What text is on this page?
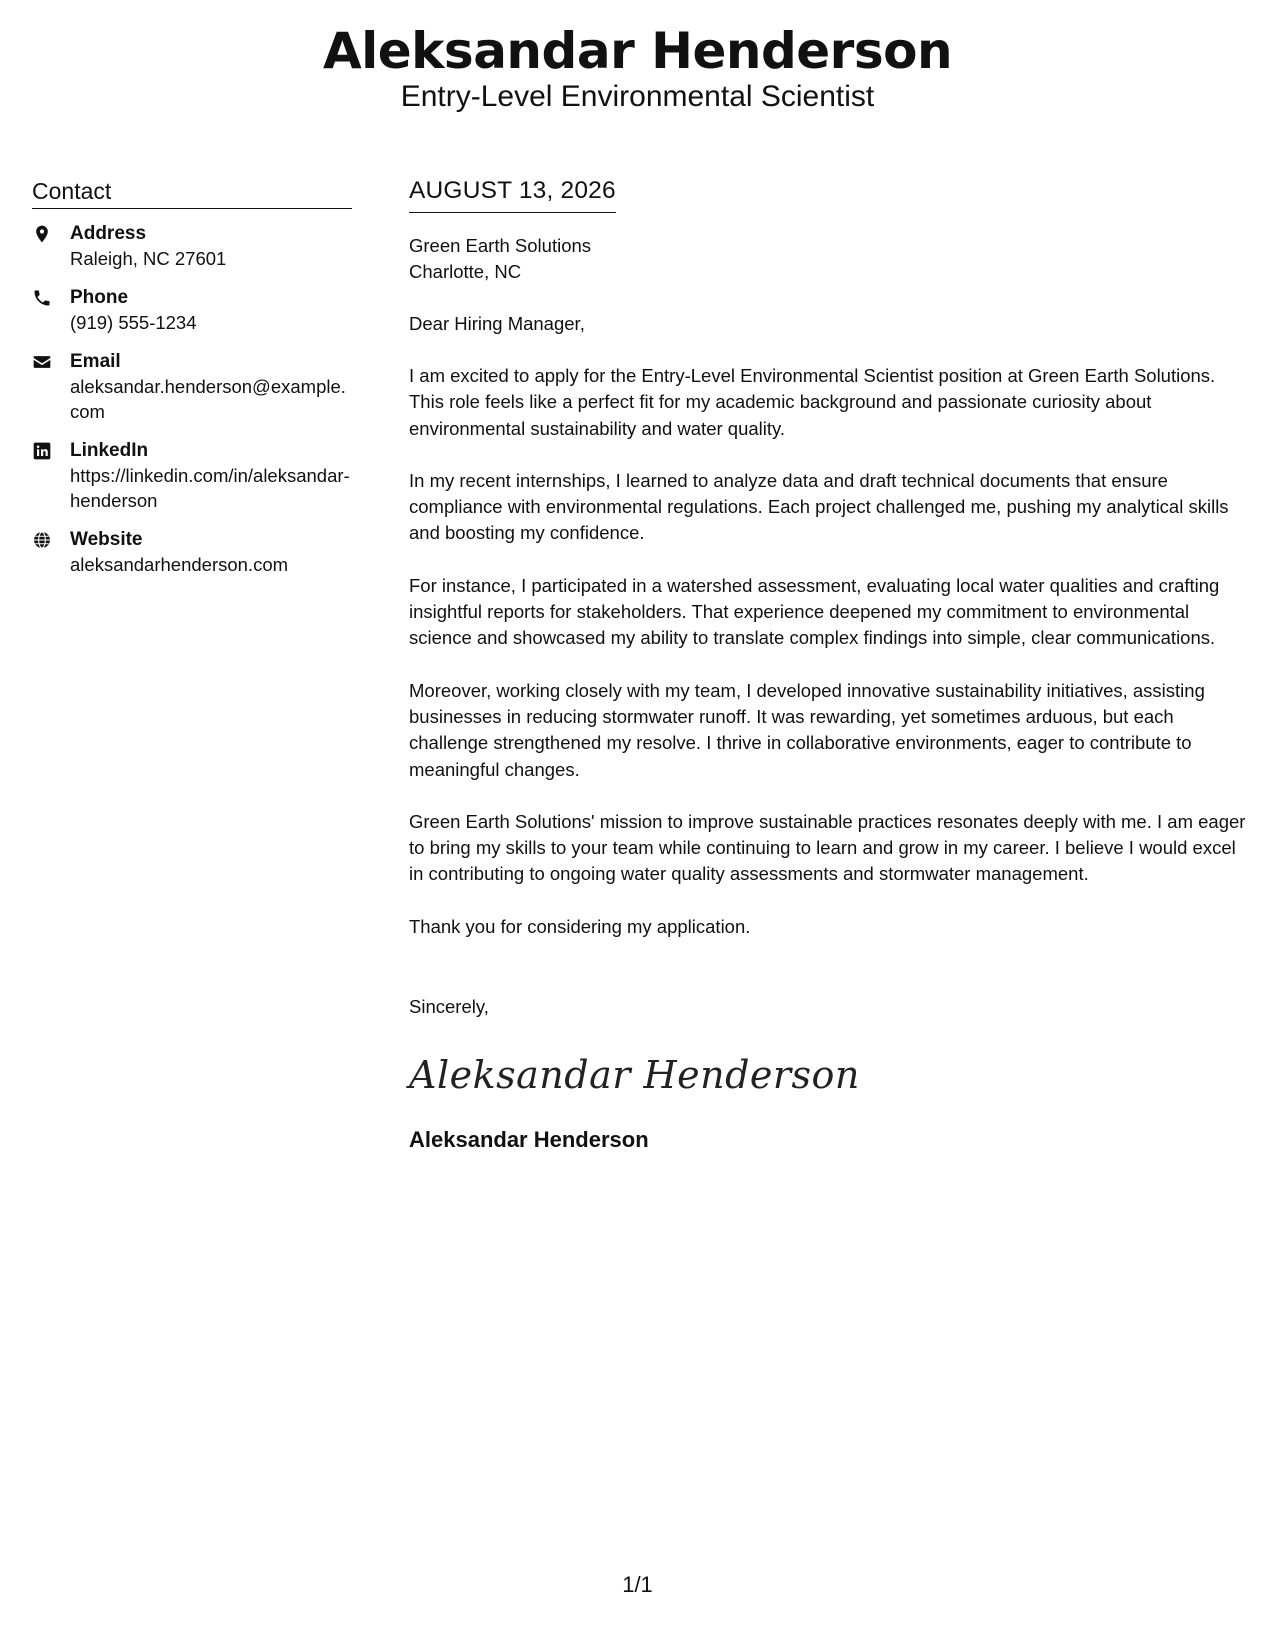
Aleksandar Henderson
Entry-Level Environmental Scientist
Contact
Address
Raleigh, NC 27601
Phone
(919) 555-1234
Email
aleksandar.henderson@example.com
LinkedIn
https://linkedin.com/in/aleksandar-henderson
Website
aleksandarhenderson.com
AUGUST 13, 2026
Green Earth Solutions
Charlotte, NC
Dear Hiring Manager,
I am excited to apply for the Entry-Level Environmental Scientist position at Green Earth Solutions. This role feels like a perfect fit for my academic background and passionate curiosity about environmental sustainability and water quality.
In my recent internships, I learned to analyze data and draft technical documents that ensure compliance with environmental regulations. Each project challenged me, pushing my analytical skills and boosting my confidence.
For instance, I participated in a watershed assessment, evaluating local water qualities and crafting insightful reports for stakeholders. That experience deepened my commitment to environmental science and showcased my ability to translate complex findings into simple, clear communications.
Moreover, working closely with my team, I developed innovative sustainability initiatives, assisting businesses in reducing stormwater runoff. It was rewarding, yet sometimes arduous, but each challenge strengthened my resolve. I thrive in collaborative environments, eager to contribute to meaningful changes.
Green Earth Solutions' mission to improve sustainable practices resonates deeply with me. I am eager to bring my skills to your team while continuing to learn and grow in my career. I believe I would excel in contributing to ongoing water quality assessments and stormwater management.
Thank you for considering my application.
Sincerely,
Aleksandar Henderson
Aleksandar Henderson
1/1
